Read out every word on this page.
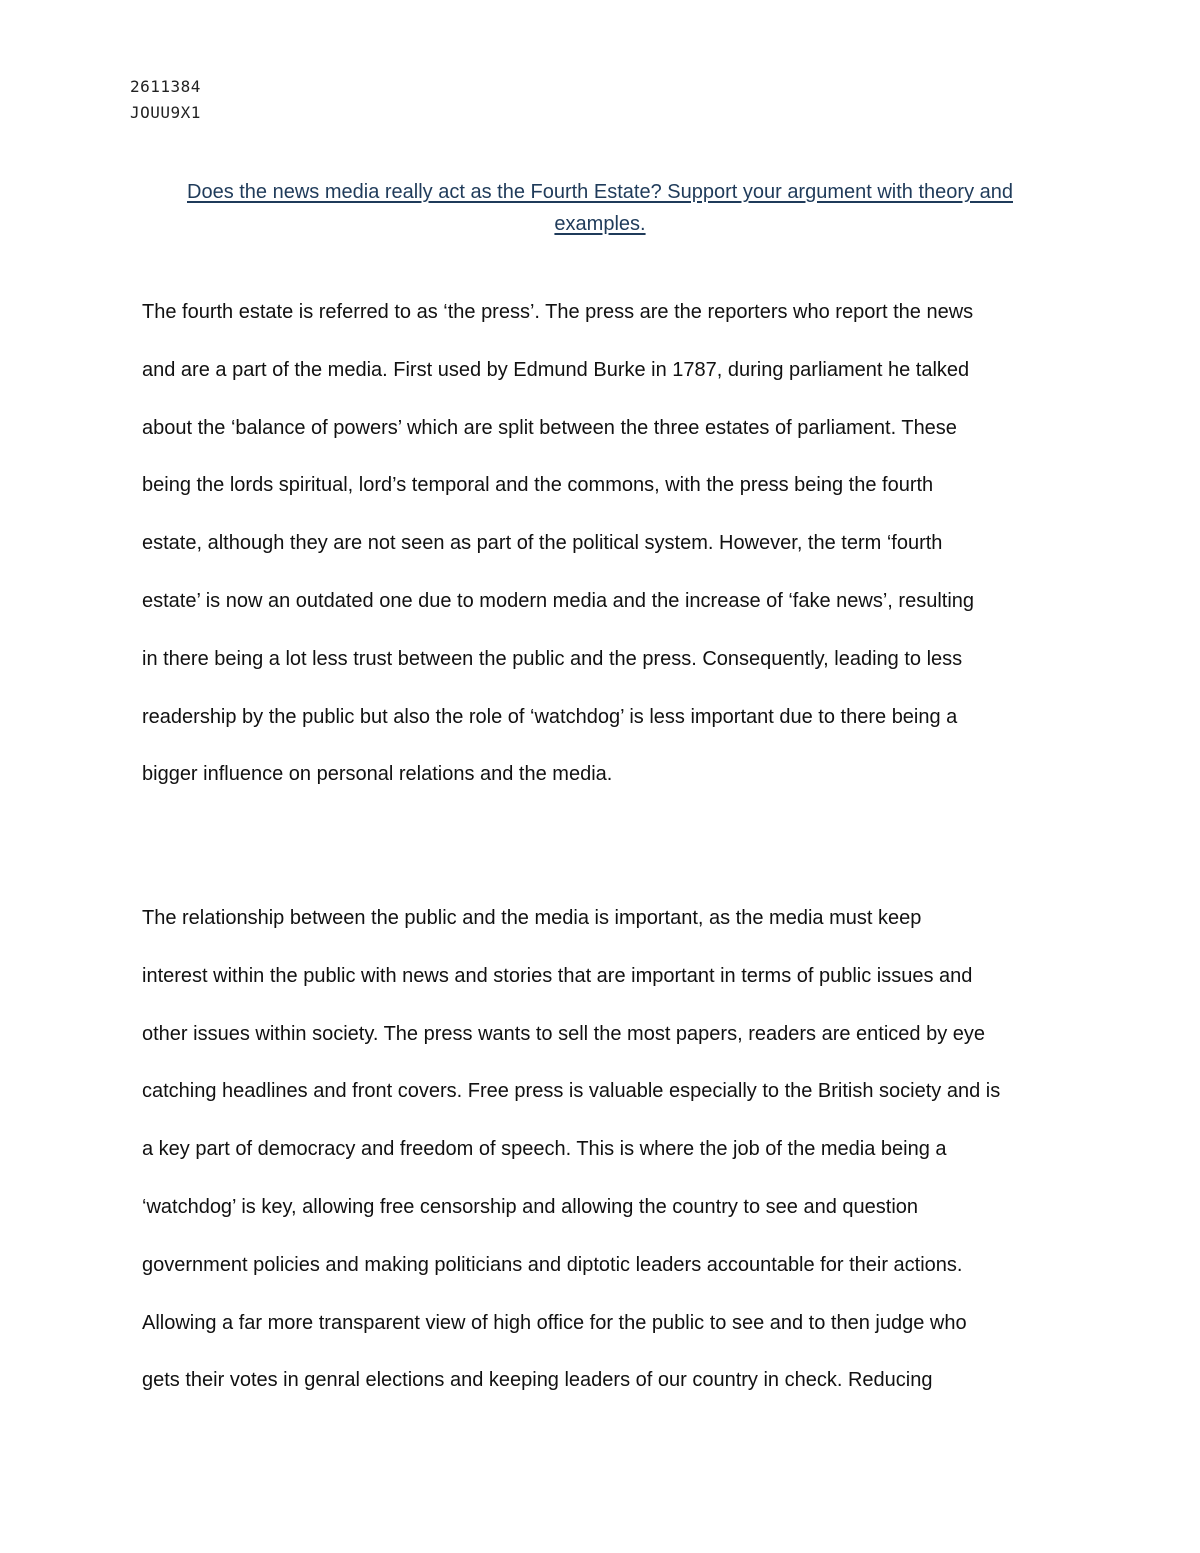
2611384
JOUU9X1
Does the news media really act as the Fourth Estate? Support your argument with theory and
examples.
The fourth estate is referred to as ‘the press’. The press are the reporters who report the news
and are a part of the media. First used by Edmund Burke in 1787, during parliament he talked
about the ‘balance of powers’ which are split between the three estates of parliament. These
being the lords spiritual, lord’s temporal and the commons, with the press being the fourth
estate, although they are not seen as part of the political system. However, the term ‘fourth
estate’ is now an outdated one due to modern media and the increase of ‘fake news’, resulting
in there being a lot less trust between the public and the press. Consequently, leading to less
readership by the public but also the role of ‘watchdog’ is less important due to there being a
bigger influence on personal relations and the media.
The relationship between the public and the media is important, as the media must keep
interest within the public with news and stories that are important in terms of public issues and
other issues within society. The press wants to sell the most papers, readers are enticed by eye
catching headlines and front covers. Free press is valuable especially to the British society and is
a key part of democracy and freedom of speech. This is where the job of the media being a
‘watchdog’ is key, allowing free censorship and allowing the country to see and question
government policies and making politicians and diptotic leaders accountable for their actions.
Allowing a far more transparent view of high office for the public to see and to then judge who
gets their votes in genral elections and keeping leaders of our country in check. Reducing
